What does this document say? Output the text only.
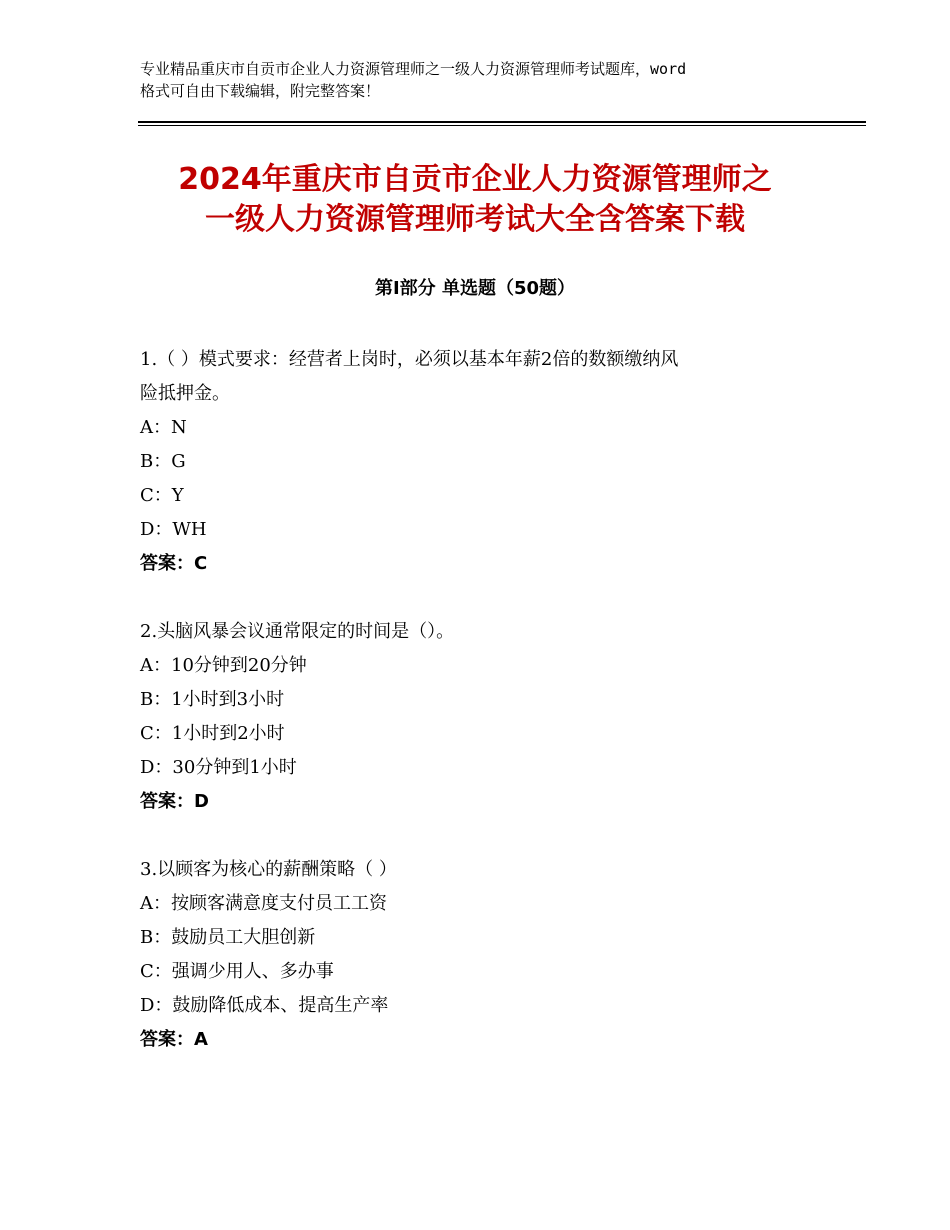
专业精品重庆市自贡市企业人力资源管理师之一级人力资源管理师考试题库，word
格式可自由下载编辑，附完整答案！
2024年重庆市自贡市企业人力资源管理师之
一级人力资源管理师考试大全含答案下载
第Ⅰ部分 单选题（50题）
1.（ ）模式要求：经营者上岗时，必须以基本年薪2倍的数额缴纳风
险抵押金。
A：N
B：G
C：Y
D：WH
答案：C
2.头脑风暴会议通常限定的时间是（）。
A：10分钟到20分钟
B：1小时到3小时
C：1小时到2小时
D：30分钟到1小时
答案：D
3.以顾客为核心的薪酬策略（ ）
A：按顾客满意度支付员工工资
B：鼓励员工大胆创新
C：强调少用人、多办事
D：鼓励降低成本、提高生产率
答案：A
